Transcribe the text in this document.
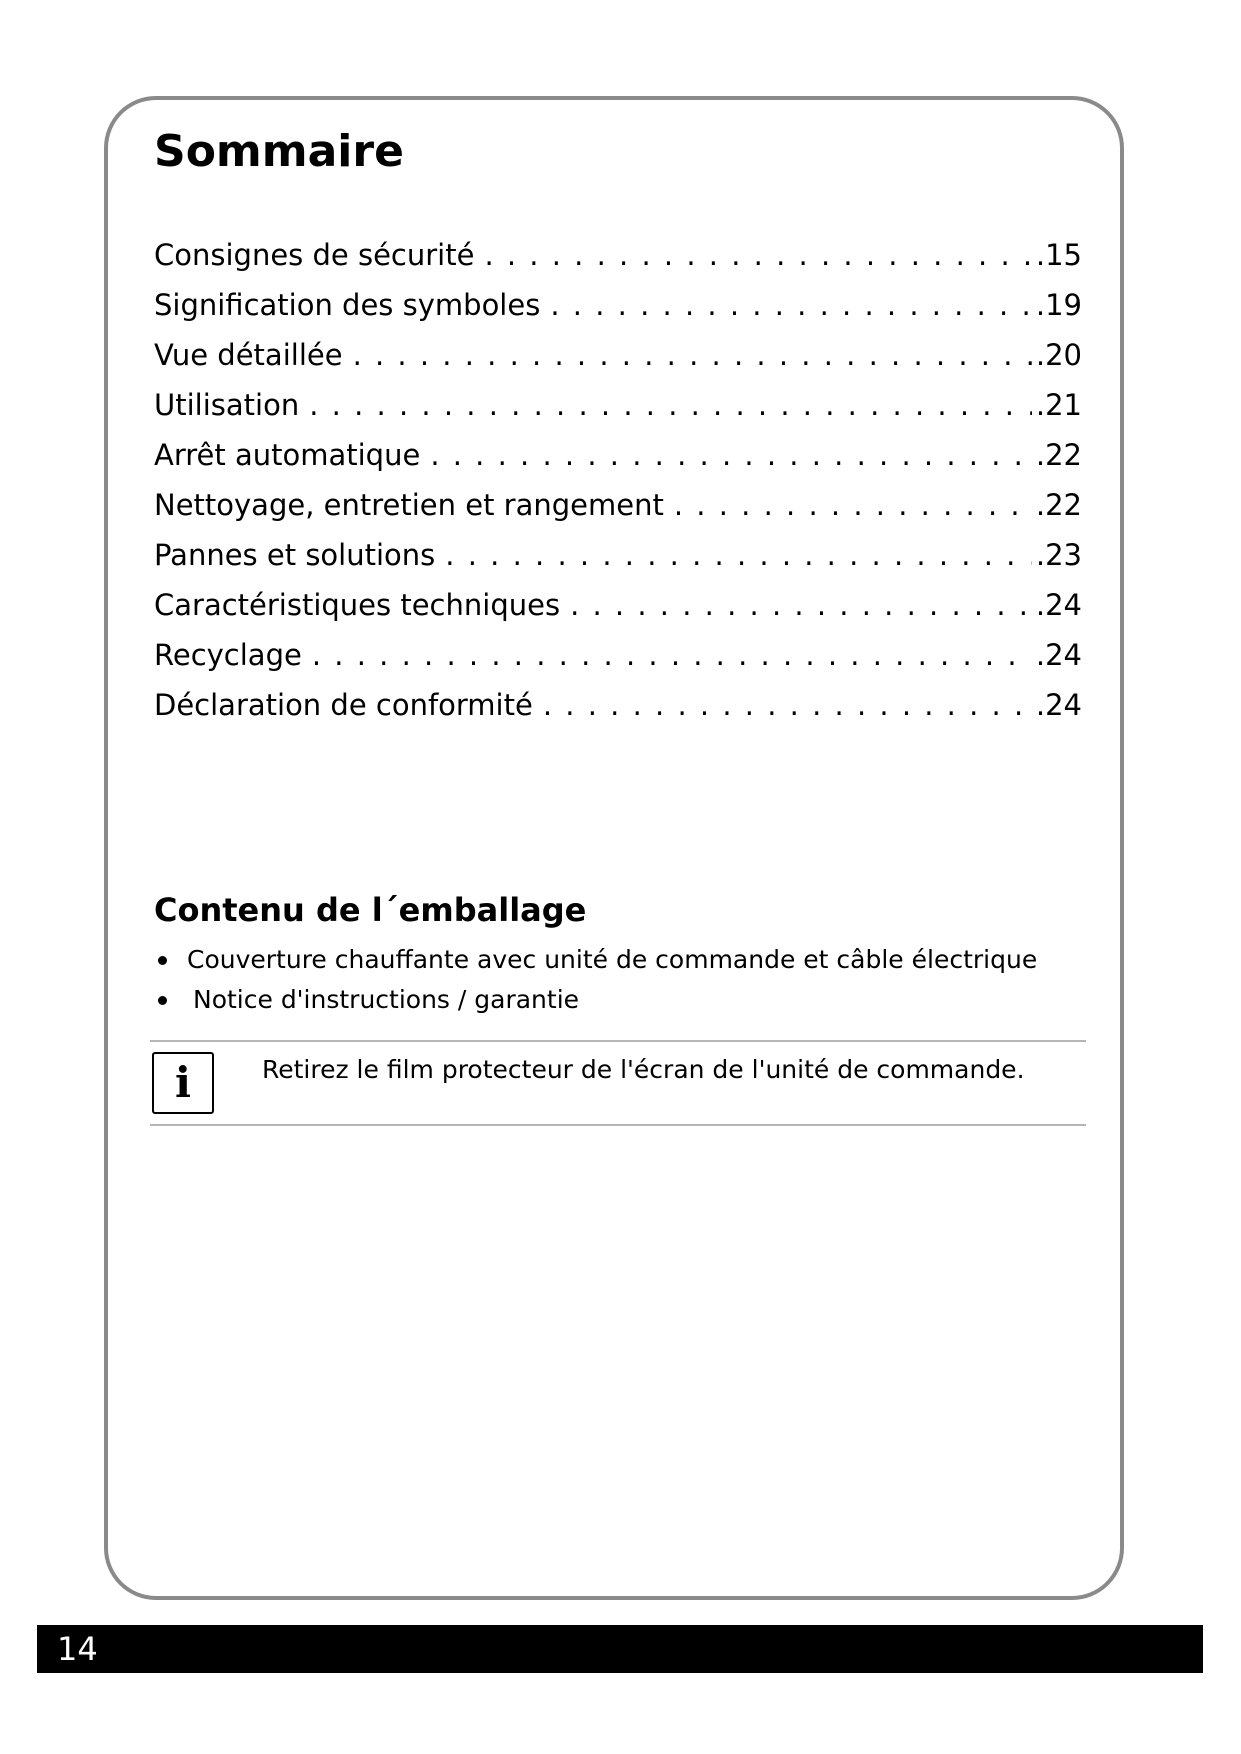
Sommaire
Consignes de sécurité . . .	.15
Signification des symboles . . .	.19
Vue détaillée . . .	.20
Utilisation . . .	.21
Arrêt automatique . . .	.22
Nettoyage, entretien et rangement . . .	.22
Pannes et solutions . . .	.23
Caractéristiques techniques . . .	.24
Recyclage . . .	.24
Déclaration de conformité . . .	.24
Contenu de l´emballage
Couverture chauffante avec unité de commande et câble électrique
Notice d'instructions / garantie
i	Retirez le film protecteur de l'écran de l'unité de commande.

14
